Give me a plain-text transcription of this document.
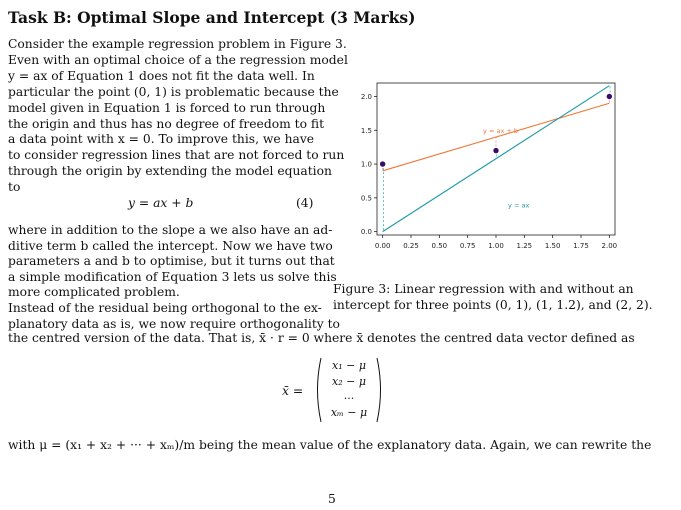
Task B: Optimal Slope and Intercept (3 Marks)
Consider the example regression problem in Figure 3.
Even with an optimal choice of a the regression model
y = ax of Equation 1 does not fit the data well. In
particular the point (0, 1) is problematic because the
model given in Equation 1 is forced to run through
the origin and thus has no degree of freedom to fit
a data point with x = 0. To improve this, we have
to consider regression lines that are not forced to run
through the origin by extending the model equation
to
y = ax + b	(4)
where in addition to the slope a we also have an ad-
ditive term b called the intercept. Now we have two
parameters a and b to optimise, but it turns out that
a simple modification of Equation 3 lets us solve this
more complicated problem.
Instead of the residual being orthogonal to the ex-
planatory data as is, we now require orthogonality to
the centred version of the data. That is, x̄ · r = 0 where x̄ denotes the centred data vector defined as
0.00 0.25 0.50 0.75 1.00 1.25 1.50 1.75 2.00
0.0
0.5
1.0
1.5
2.0
y = ax + b
y = ax
Figure 3: Linear regression with and without an intercept for three points (0, 1), (1, 1.2), and (2, 2).
x̄ =
x₁ − μ
x₂ − μ
...
xₘ − μ
with μ = (x₁ + x₂ + ··· + xₘ)/m being the mean value of the explanatory data. Again, we can rewrite the
5
